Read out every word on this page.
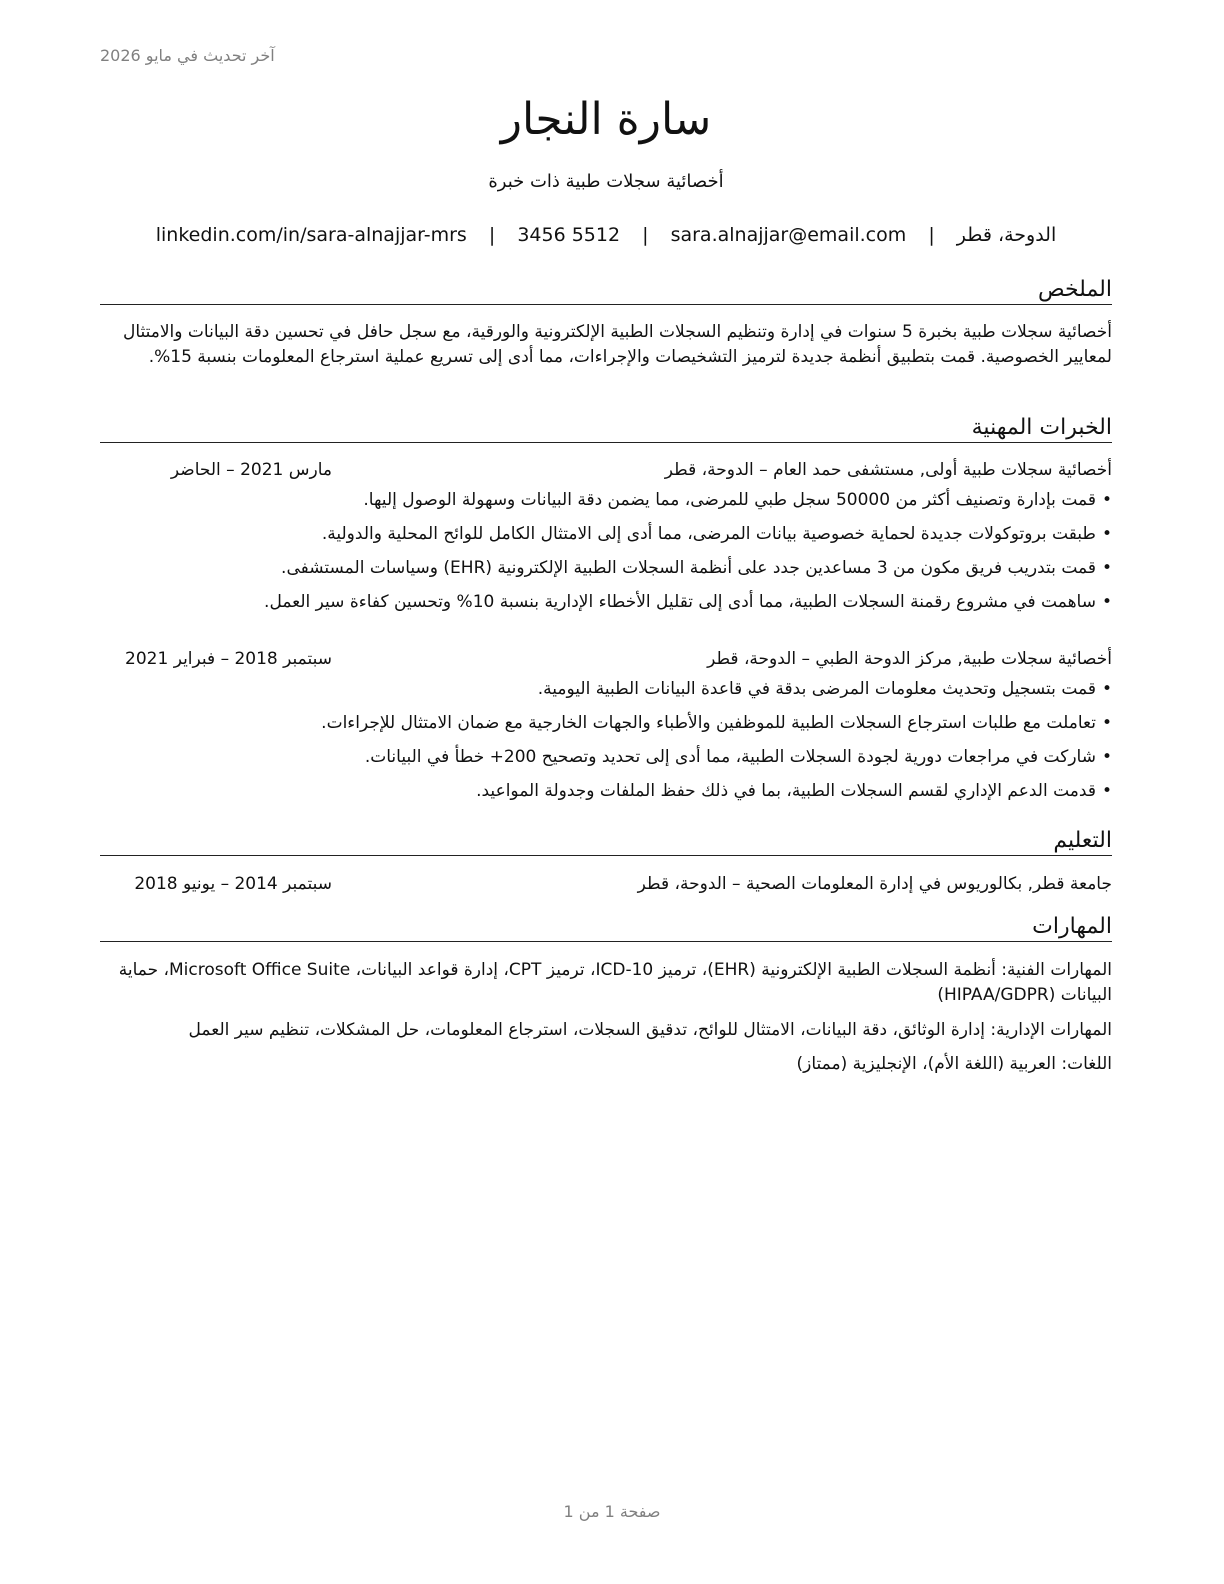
آخر تحديث في مايو 2026
سارة النجار
أخصائية سجلات طبية ذات خبرة
الدوحة، قطر | sara.alnajjar@email.com | 3456 5512 | linkedin.com/in/sara-alnajjar-mrs
الملخص
أخصائية سجلات طبية بخبرة 5 سنوات في إدارة وتنظيم السجلات الطبية الإلكترونية والورقية، مع سجل حافل في تحسين دقة البيانات والامتثال لمعايير الخصوصية. قمت بتطبيق أنظمة جديدة لترميز التشخيصات والإجراءات، مما أدى إلى تسريع عملية استرجاع المعلومات بنسبة 15%.
الخبرات المهنية
أخصائية سجلات طبية أولى, مستشفى حمد العام – الدوحة، قطر
مارس 2021 – الحاضر
• قمت بإدارة وتصنيف أكثر من 50000 سجل طبي للمرضى، مما يضمن دقة البيانات وسهولة الوصول إليها.
• طبقت بروتوكولات جديدة لحماية خصوصية بيانات المرضى، مما أدى إلى الامتثال الكامل للوائح المحلية والدولية.
• قمت بتدريب فريق مكون من 3 مساعدين جدد على أنظمة السجلات الطبية الإلكترونية (EHR) وسياسات المستشفى.
• ساهمت في مشروع رقمنة السجلات الطبية، مما أدى إلى تقليل الأخطاء الإدارية بنسبة 10% وتحسين كفاءة سير العمل.
أخصائية سجلات طبية, مركز الدوحة الطبي – الدوحة، قطر
سبتمبر 2018 – فبراير 2021
• قمت بتسجيل وتحديث معلومات المرضى بدقة في قاعدة البيانات الطبية اليومية.
• تعاملت مع طلبات استرجاع السجلات الطبية للموظفين والأطباء والجهات الخارجية مع ضمان الامتثال للإجراءات.
• شاركت في مراجعات دورية لجودة السجلات الطبية، مما أدى إلى تحديد وتصحيح 200+ خطأ في البيانات.
• قدمت الدعم الإداري لقسم السجلات الطبية، بما في ذلك حفظ الملفات وجدولة المواعيد.
التعليم
جامعة قطر, بكالوريوس في إدارة المعلومات الصحية – الدوحة، قطر
سبتمبر 2014 – يونيو 2018
المهارات
المهارات الفنية: أنظمة السجلات الطبية الإلكترونية (EHR)، ترميز ICD-10، ترميز CPT، إدارة قواعد البيانات، Microsoft Office Suite، حماية البيانات (HIPAA/GDPR)
المهارات الإدارية: إدارة الوثائق، دقة البيانات، الامتثال للوائح، تدقيق السجلات، استرجاع المعلومات، حل المشكلات، تنظيم سير العمل
اللغات: العربية (اللغة الأم)، الإنجليزية (ممتاز)
صفحة 1 من 1
